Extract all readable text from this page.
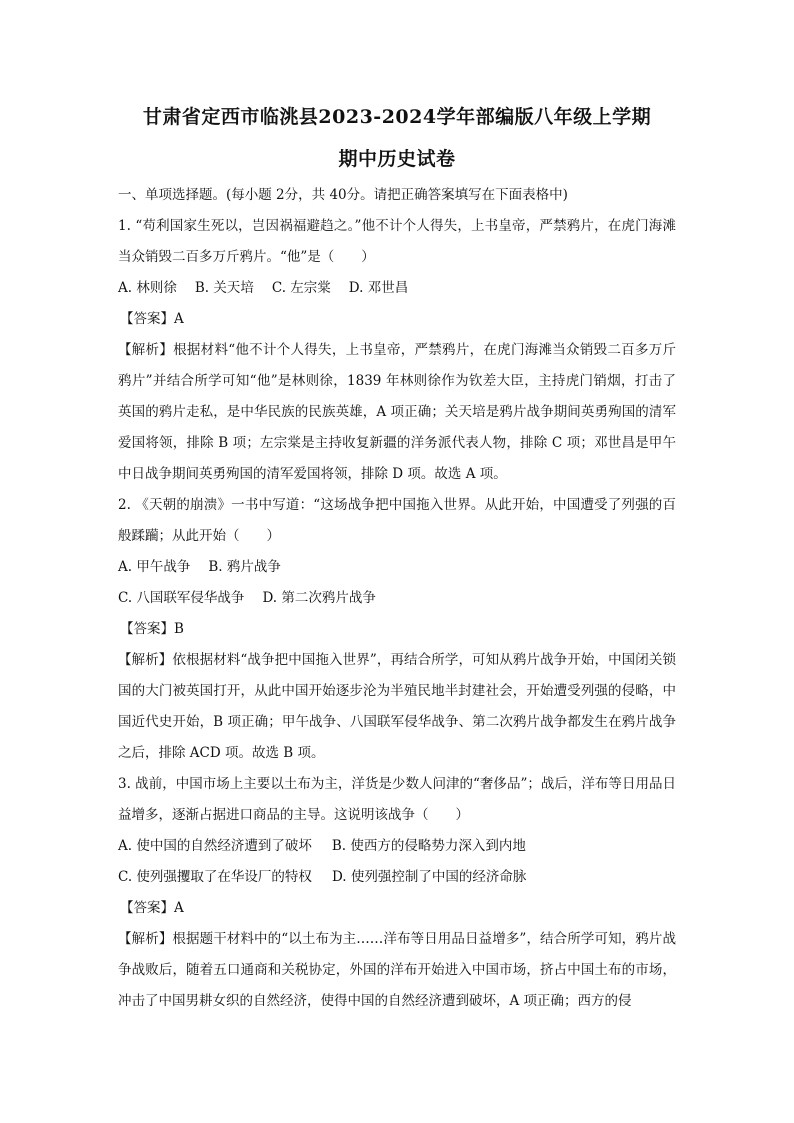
甘肃省定西市临洮县2023-2024学年部编版八年级上学期
期中历史试卷

一、单项选择题。(每小题 2分，共 40分。请把正确答案填写在下面表格中)

1. “苟利国家生死以，岂因祸福避趋之。”他不计个人得失，上书皇帝，严禁鸦片，在虎门海滩当众销毁二百多万斤鸦片。“他”是（　　）

A. 林则徐 B. 关天培 C. 左宗棠 D. 邓世昌

【答案】A

【解析】根据材料“他不计个人得失，上书皇帝，严禁鸦片，在虎门海滩当众销毁二百多万斤鸦片”并结合所学可知“他”是林则徐，1839 年林则徐作为钦差大臣，主持虎门销烟，打击了英国的鸦片走私，是中华民族的民族英雄，A 项正确；关天培是鸦片战争期间英勇殉国的清军爱国将领，排除 B 项；左宗棠是主持收复新疆的洋务派代表人物，排除 C 项；邓世昌是甲午中日战争期间英勇殉国的清军爱国将领，排除 D 项。故选 A 项。

2. 《天朝的崩溃》一书中写道：“这场战争把中国拖入世界。从此开始，中国遭受了列强的百般蹂躏；从此开始（　　）

A. 甲午战争 B. 鸦片战争
C. 八国联军侵华战争 D. 第二次鸦片战争

【答案】B

【解析】依根据材料“战争把中国拖入世界”，再结合所学，可知从鸦片战争开始，中国闭关锁国的大门被英国打开，从此中国开始逐步沦为半殖民地半封建社会，开始遭受列强的侵略，中国近代史开始，B 项正确；甲午战争、八国联军侵华战争、第二次鸦片战争都发生在鸦片战争之后，排除 ACD 项。故选 B 项。

3. 战前，中国市场上主要以土布为主，洋货是少数人问津的“奢侈品”；战后，洋布等日用品日益增多，逐渐占据进口商品的主导。这说明该战争（　　）

A. 使中国的自然经济遭到了破坏 B. 使西方的侵略势力深入到内地
C. 使列强攫取了在华设厂的特权 D. 使列强控制了中国的经济命脉

【答案】A

【解析】根据题干材料中的“以土布为主……洋布等日用品日益增多”，结合所学可知，鸦片战争战败后，随着五口通商和关税协定，外国的洋布开始进入中国市场，挤占中国土布的市场，冲击了中国男耕女织的自然经济，使得中国的自然经济遭到破坏，A 项正确；西方的侵
